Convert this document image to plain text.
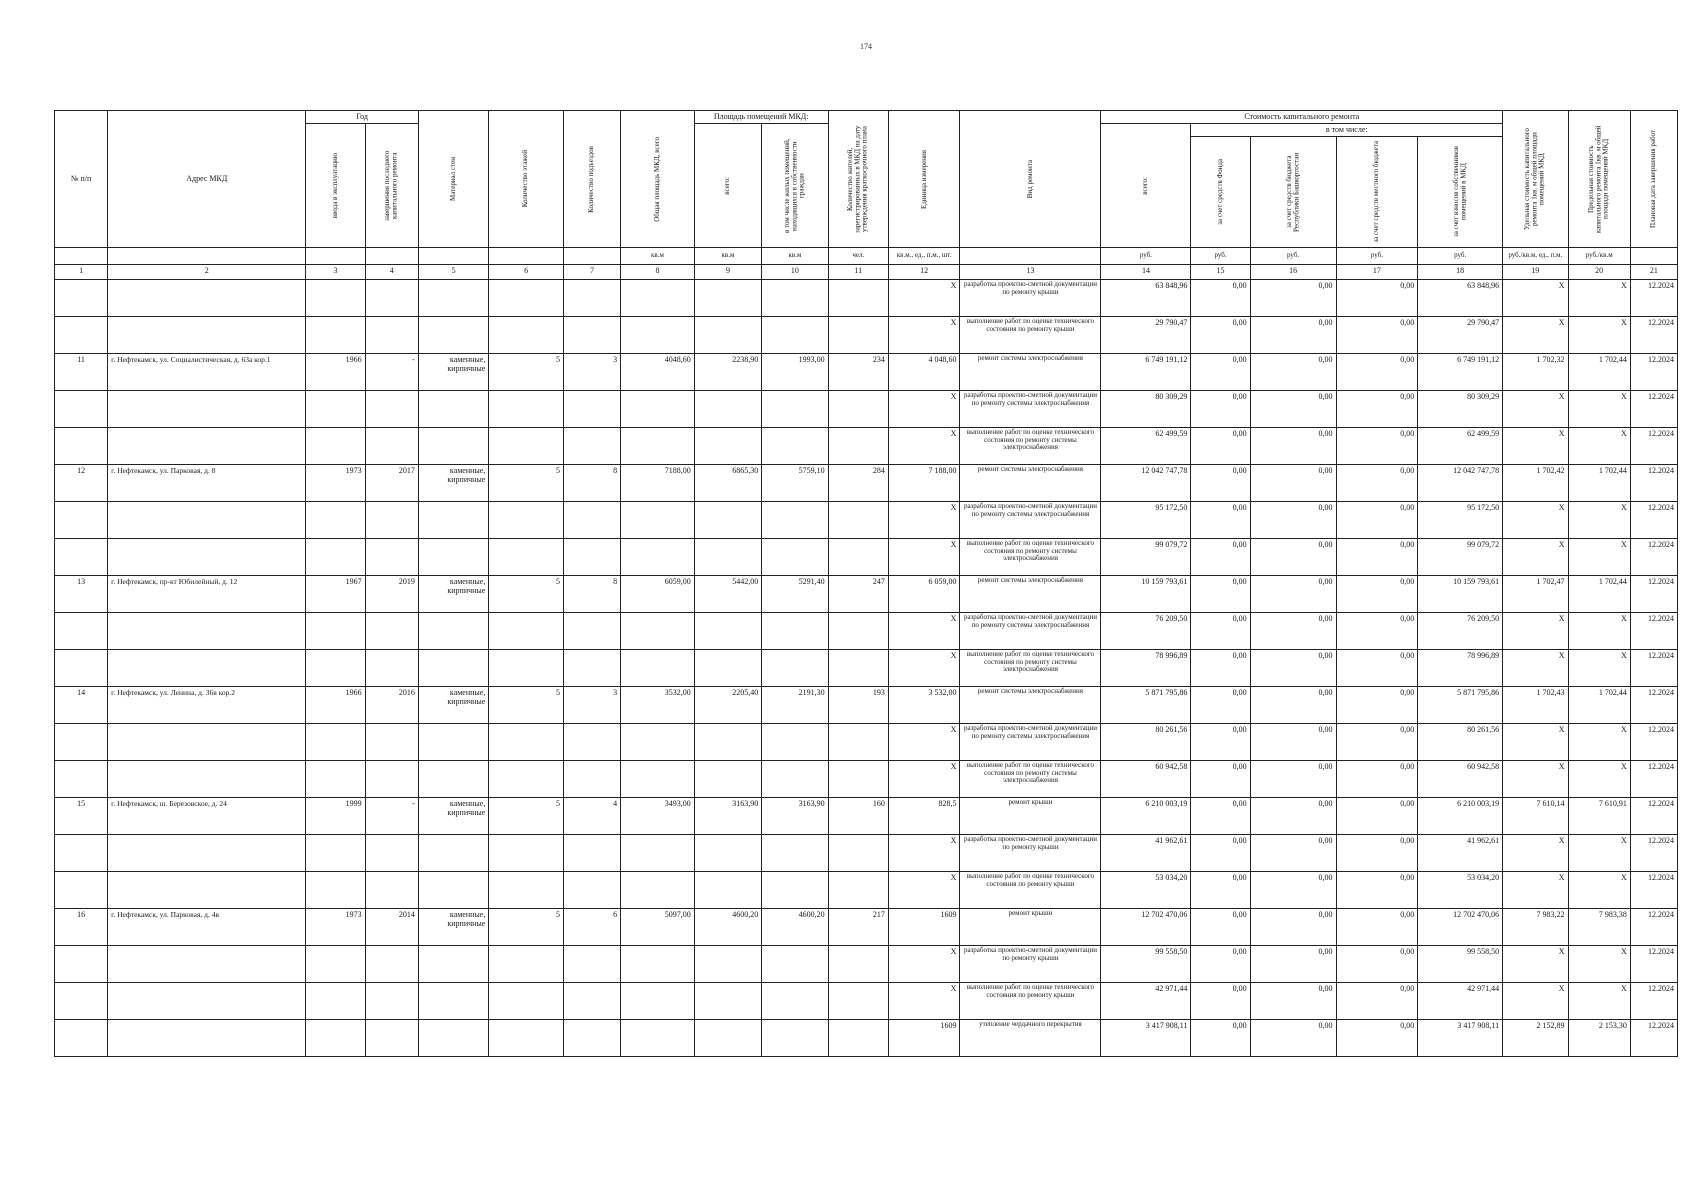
174
№ п/п	Адрес МКД	Год		Материал стен	Количество этажей	Количество подъездов	Общая площадь МКД, всего	Площадь помещений МКД:		Количество жителей, зарегистрированных в МКД на дату утверждения краткосрочного плана	Единица измерения	Вид ремонта	Стоимость капитального ремонта					Удельная стоимость капитального ремонта 1кв. м общей площади помещений МКД	Предельная стоимость капитального ремонта 1кв. м общей площади помещений МКД	Плановая дата завершения работ

		ввода в эксплуатацию	завершения последнего капитального ремонта					всего:	в том числе жилых помещений, находящихся в собственности граждан				всего:	в том числе:						

														за счет средств Фонда	за счет средств бюджета Республики Башкортостан	за счет средств местного бюджета	за счет взносов собственников помещений в МКД			

							кв.м	кв.м	кв.м	чел.	кв.м., ед., п.м., шт.		руб.	руб.	руб.	руб.	руб.	руб./кв.м, ед., п.м.	руб./кв.м	
1	2	3	4	5	6	7	8	9	10	11	12	13	14	15	16	17	18	19	20	21
											X	разработка проектно-сметной документации по ремонту крыши	63 848,96	0,00	0,00	0,00	63 848,96	X	X	12.2024
											X	выполнение работ по оценке технического состояния по ремонту крыши	29 790,47	0,00	0,00	0,00	29 790,47	X	X	12.2024
11	г. Нефтекамск, ул. Социалистическая, д. 63а кор.1	1966	-	каменные, кирпичные	5	3	4048,60	2238,90	1993,00	234	4 048,60	ремонт системы электроснабжения	6 749 191,12	0,00	0,00	0,00	6 749 191,12	1 702,32	1 702,44	12.2024
											X	разработка проектно-сметной документации по ремонту системы электроснабжения	80 309,29	0,00	0,00	0,00	80 309,29	X	X	12.2024
											X	выполнение работ по оценке технического состояния по ремонту системы электроснабжения	62 499,59	0,00	0,00	0,00	62 499,59	X	X	12.2024
12	г. Нефтекамск, ул. Парковая, д. 8	1973	2017	каменные, кирпичные	5	8	7188,00	6865,30	5759,10	284	7 188,00	ремонт системы электроснабжения	12 042 747,78	0,00	0,00	0,00	12 042 747,78	1 702,42	1 702,44	12.2024
											X	разработка проектно-сметной документации по ремонту системы электроснабжения	95 172,50	0,00	0,00	0,00	95 172,50	X	X	12.2024
											X	выполнение работ по оценке технического состояния по ремонту системы электроснабжения	99 079,72	0,00	0,00	0,00	99 079,72	X	X	12.2024
13	г. Нефтекамск, пр-кт Юбилейный, д. 12	1967	2019	каменные, кирпичные	5	8	6059,00	5442,00	5291,40	247	6 059,00	ремонт системы электроснабжения	10 159 793,61	0,00	0,00	0,00	10 159 793,61	1 702,47	1 702,44	12.2024
											X	разработка проектно-сметной документации по ремонту системы электроснабжения	76 209,50	0,00	0,00	0,00	76 209,50	X	X	12.2024
											X	выполнение работ по оценке технического состояния по ремонту системы электроснабжения	78 996,89	0,00	0,00	0,00	78 996,89	X	X	12.2024
14	г. Нефтекамск, ул. Ленина, д. 36в кор.2	1966	2016	каменные, кирпичные	5	3	3532,00	2205,40	2191,30	193	3 532,00	ремонт системы электроснабжения	5 871 795,86	0,00	0,00	0,00	5 871 795,86	1 702,43	1 702,44	12.2024
											X	разработка проектно-сметной документации по ремонту системы электроснабжения	80 261,56	0,00	0,00	0,00	80 261,56	X	X	12.2024
											X	выполнение работ по оценке технического состояния по ремонту системы электроснабжения	60 942,58	0,00	0,00	0,00	60 942,58	X	X	12.2024
15	г. Нефтекамск, ш. Березовское, д. 24	1999	-	каменные, кирпичные	5	4	3493,00	3163,90	3163,90	160	828,5	ремонт крыши	6 210 003,19	0,00	0,00	0,00	6 210 003,19	7 610,14	7 610,91	12.2024
											X	разработка проектно-сметной документации по ремонту крыши	41 962,61	0,00	0,00	0,00	41 962,61	X	X	12.2024
											X	выполнение работ по оценке технического состояния по ремонту крыши	53 034,20	0,00	0,00	0,00	53 034,20	X	X	12.2024
16	г. Нефтекамск, ул. Парковая, д. 4в	1973	2014	каменные, кирпичные	5	6	5097,00	4600,20	4600,20	217	1609	ремонт крыши	12 702 470,06	0,00	0,00	0,00	12 702 470,06	7 983,22	7 983,38	12.2024
											X	разработка проектно-сметной документации по ремонту крыши	99 558,50	0,00	0,00	0,00	99 558,50	X	X	12.2024
											X	выполнение работ по оценке технического состояния по ремонту крыши	42 971,44	0,00	0,00	0,00	42 971,44	X	X	12.2024
											1609	утепление чердачного перекрытия	3 417 908,11	0,00	0,00	0,00	3 417 908,11	2 152,89	2 153,30	12.2024
